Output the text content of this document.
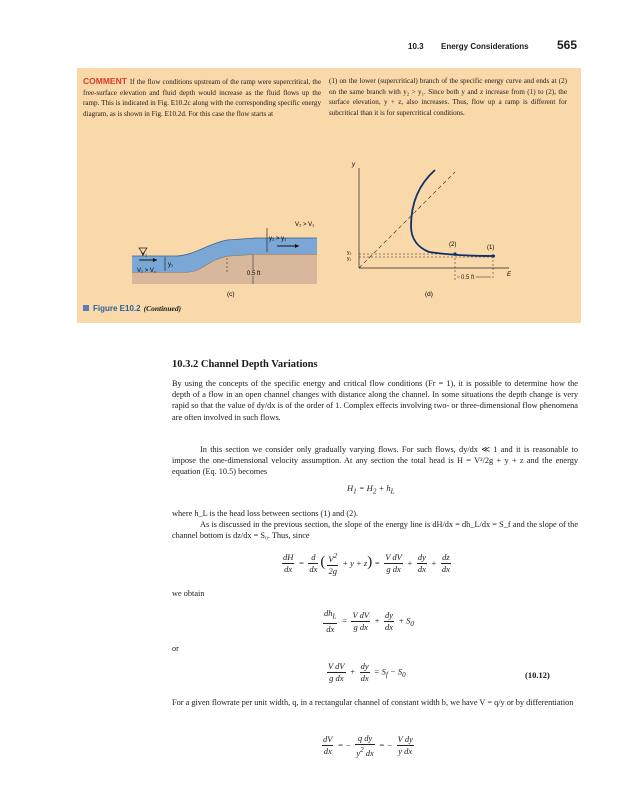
10.3 Energy Considerations 565
COMMENT If the flow conditions upstream of the ramp were supercritical, the free-surface elevation and fluid depth would increase as the fluid flows up the ramp. This is indicated in Fig. E10.2c along with the corresponding specific energy diagram, as is shown in Fig. E10.2d. For this case the flow starts at
(1) on the lower (supercritical) branch of the specific energy curve and ends at (2) on the same branch with y₂ > y₁. Since both y and z increase from (1) to (2), the surface elevation, y + z, also increases. Thus, flow up a ramp is different for subcritical than it is for supercritical conditions.
V₂ > V₁
y₂ > y₁
V₁
y₁
V₁ > V꜀	0.5 ft
(c)
y
E
y₂
y₁
(2)	(1)
0.5 ft
(d)
Figure E10.2 (Continued)
10.3.2 Channel Depth Variations
By using the concepts of the specific energy and critical flow conditions (Fr = 1), it is possible to determine how the depth of a flow in an open channel changes with distance along the channel. In some situations the depth change is very rapid so that the value of dy/dx is of the order of 1. Complex effects involving two- or three-dimensional flow phenomena are often involved in such flows.
In this section we consider only gradually varying flows. For such flows, dy/dx ≪ 1 and it is reasonable to impose the one-dimensional velocity assumption. At any section the total head is H = V²/2g + y + z and the energy equation (Eq. 10.5) becomes
$H_1 = H_2 + h_L$
where h_L is the head loss between sections (1) and (2).
As is discussed in the previous section, the slope of the energy line is dH/dx = dh_L/dx = S_f and the slope of the channel bottom is dz/dx = S₀. Thus, since
$\frac{dH}{dx} = \frac{d}{dx}$ ( $\frac{V^2}{2g} + y + z) = \frac{\text{V dV}}{\text{g dx}} + \frac{dy}{dx} + \frac{dz}{dx}$
we obtain
$\frac{dh_L}{dx} = \frac{\text{V dV}}{\text{g dx}} + \frac{dy}{dx} + S_0$
or
$\frac{\text{V dV}}{\text{g dx}} + \frac{dy}{dx} = S_f - S_0$	(10.12)
For a given flowrate per unit width, q, in a rectangular channel of constant width b, we have V = q/y or by differentiation
$\frac{dV}{dx}$ = − $\frac{\text{q dy}}{y^2 dx}$ = − $\frac{\text{V dy}}{\text{y dx}}$
